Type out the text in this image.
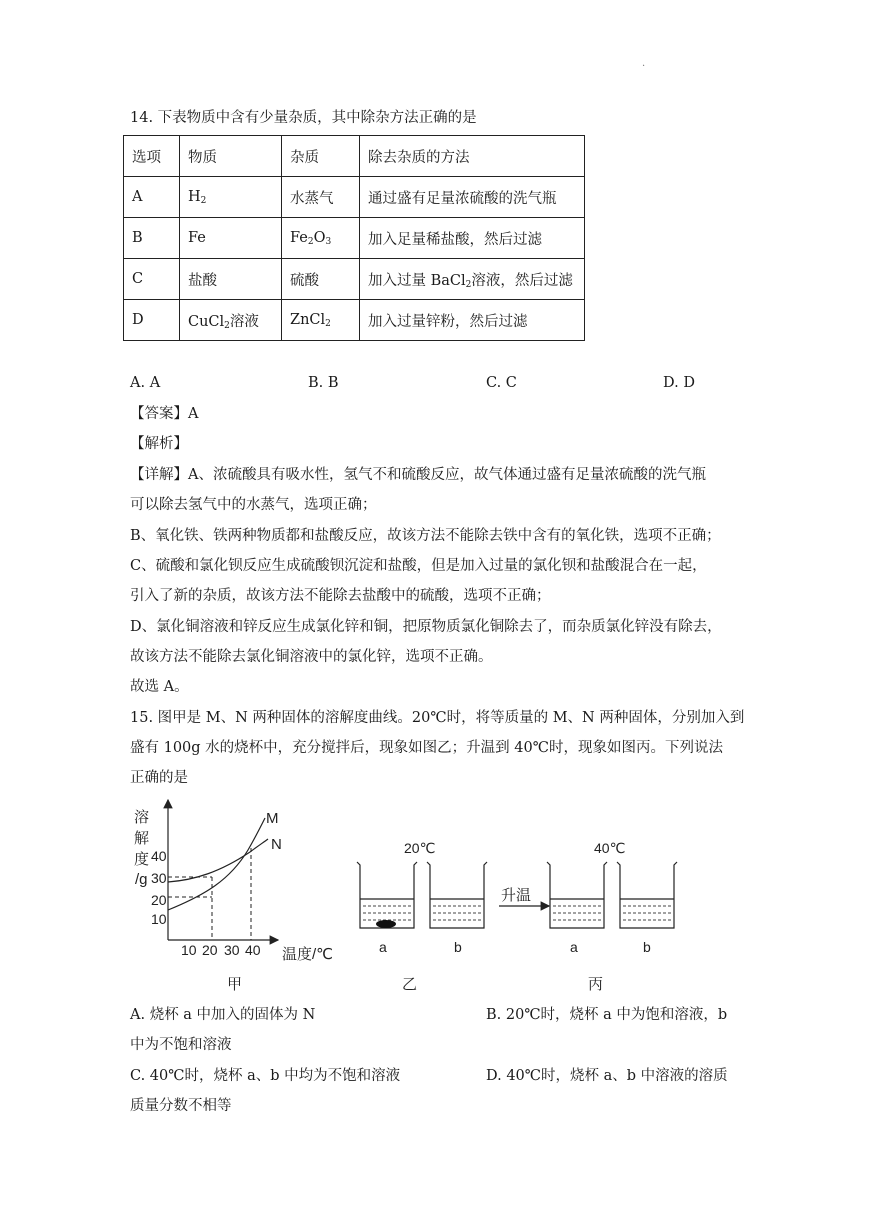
.
14. 下表物质中含有少量杂质，其中除杂方法正确的是
选项	物质	杂质	除去杂质的方法
A	$H_2$	水蒸气	通过盛有足量浓硫酸的洗气瓶
B	Fe	$Fe_2O_3$	加入足量稀盐酸，然后过滤
C	盐酸	硫酸	加入过量 BaCl$_2$溶液，然后过滤
D	CuCl$_2$溶液	ZnCl$_2$	加入过量锌粉，然后过滤
A. A	B. B	C. C	D. D
【答案】A
【解析】
【详解】A、浓硫酸具有吸水性，氢气不和硫酸反应，故气体通过盛有足量浓硫酸的洗气瓶
可以除去氢气中的水蒸气，选项正确；
B、氧化铁、铁两种物质都和盐酸反应，故该方法不能除去铁中含有的氧化铁，选项不正确；
C、硫酸和氯化钡反应生成硫酸钡沉淀和盐酸，但是加入过量的氯化钡和盐酸混合在一起，
引入了新的杂质，故该方法不能除去盐酸中的硫酸，选项不正确；
D、氯化铜溶液和锌反应生成氯化锌和铜，把原物质氯化铜除去了，而杂质氯化锌没有除去，
故该方法不能除去氯化铜溶液中的氯化锌，选项不正确。
故选 A。
15. 图甲是 M、N 两种固体的溶解度曲线。20℃时，将等质量的 M、N 两种固体，分别加入到
盛有 100g 水的烧杯中，充分搅拌后，现象如图乙；升温到 40℃时，现象如图丙。下列说法
正确的是
溶
解
度
/g
40
30
20
10
10 20 30 40 温度/℃
M
N	20℃
升温
40℃
a	b	a	b
甲	乙	丙
A. 烧杯 a 中加入的固体为 N	B. 20℃时，烧杯 a 中为饱和溶液，b
中为不饱和溶液
C. 40℃时，烧杯 a、b 中均为不饱和溶液	D. 40℃时，烧杯 a、b 中溶液的溶质
质量分数不相等
